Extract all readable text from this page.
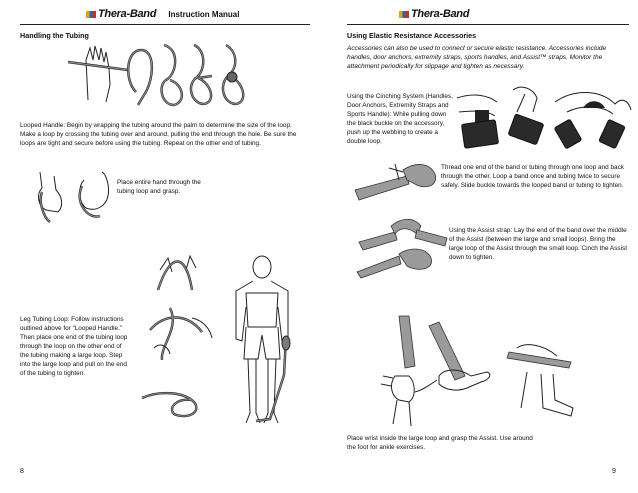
Thera-Band Instruction Manual
Handling the Tubing
Looped Handle: Begin by wrapping the tubing around the palm to determine the size of the loop. Make a loop by crossing the tubing over and around, pulling the end through the hole. Be sure the loops are tight and secure before using the tubing. Repeat on the other end of tubing.
Place entire hand through the tubing loop and grasp.
Leg Tubing Loop: Follow instructions outlined above for “Looped Handle.” Then place one end of the tubing loop through the loop on the other end of the tubing making a large loop. Step into the large loop and pull on the end of the tubing to tighten.
8
Thera-Band
Using Elastic Resistance Accessories
Accessories can also be used to connect or secure elastic resistance. Accessories include handles, door anchors, extremity straps, sports handles, and Assist™ straps. Monitor the attachment periodically for slippage and tighten as necessary.
Using the Cinching System (Handles, Door Anchors, Extremity Straps and Sports Handle): While pulling down the black buckle on the accessory, push up the webbing to create a double loop.
Thread one end of the band or tubing through one loop and back through the other. Loop a band once and tubing twice to secure safely. Slide buckle towards the looped band or tubing to tighten.
Using the Assist strap: Lay the end of the band over the middle of the Assist (between the large and small loops). Bring the large loop of the Assist through the small loop. Cinch the Assist down to tighten.
Place wrist inside the large loop and grasp the Assist. Use around the foot for ankle exercises.
9
